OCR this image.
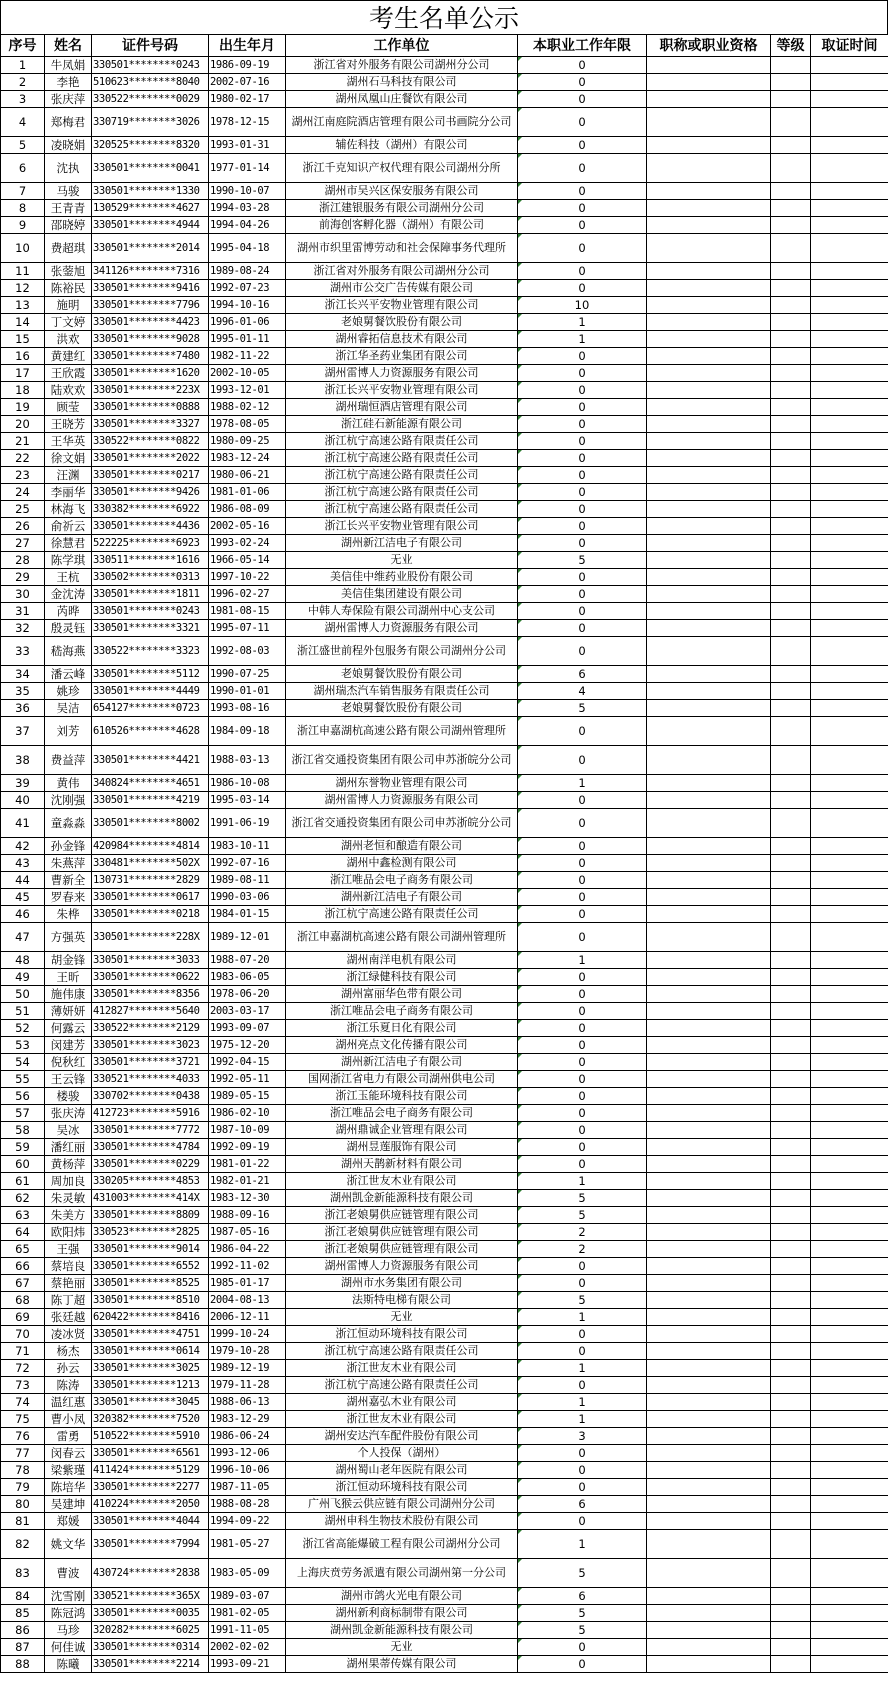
考生名单公示
序号	姓名	证件号码	出生年月	工作单位	本职业工作年限	职称或职业资格	等级	取证时间
1	牛凤娟	330501********0243	1986-09-19	浙江省对外服务有限公司湖州分公司	0			
2	李艳	510623********8040	2002-07-16	湖州石马科技有限公司	0			
3	张庆萍	330522********0029	1980-02-17	湖州凤凰山庄餐饮有限公司	0			
4	郑梅君	330719********3026	1978-12-15	湖州江南庭院酒店管理有限公司书画院分公司	0			
5	凌晓娟	320525********8320	1993-01-31	辅佐科技（湖州）有限公司	0			
6	沈执	330501********0041	1977-01-14	浙江千克知识产权代理有限公司湖州分所	0			
7	马骏	330501********1330	1990-10-07	湖州市吴兴区保安服务有限公司	0			
8	王青青	130529********4627	1994-03-28	浙江建银服务有限公司湖州分公司	0			
9	邵晓婷	330501********4944	1994-04-26	前海创客孵化器（湖州）有限公司	0			
10	费超琪	330501********2014	1995-04-18	湖州市织里雷博劳动和社会保障事务代理所	0			
11	张蓥旭	341126********7316	1989-08-24	浙江省对外服务有限公司湖州分公司	0			
12	陈裕民	330501********9416	1992-07-23	湖州市公交广告传媒有限公司	0			
13	施明	330501********7796	1994-10-16	浙江长兴平安物业管理有限公司	10			
14	丁文婷	330501********4423	1996-01-06	老娘舅餐饮股份有限公司	1			
15	洪欢	330501********9028	1995-01-11	湖州睿拓信息技术有限公司	1			
16	黄建红	330501********7480	1982-11-22	浙江华圣药业集团有限公司	0			
17	王欣霞	330501********1620	2002-10-05	湖州雷博人力资源服务有限公司	0			
18	陆欢欢	330501********223X	1993-12-01	浙江长兴平安物业管理有限公司	0			
19	顾莹	330501********0888	1988-02-12	湖州瑞恒酒店管理有限公司	0			
20	王晓芳	330501********3327	1978-08-05	浙江硅石新能源有限公司	0			
21	王华英	330522********0822	1980-09-25	浙江杭宁高速公路有限责任公司	0			
22	徐文娟	330501********2022	1983-12-24	浙江杭宁高速公路有限责任公司	0			
23	汪渊	330501********0217	1980-06-21	浙江杭宁高速公路有限责任公司	0			
24	李丽华	330501********9426	1981-01-06	浙江杭宁高速公路有限责任公司	0			
25	林海飞	330382********6922	1986-08-09	浙江杭宁高速公路有限责任公司	0			
26	俞祈云	330501********4436	2002-05-16	浙江长兴平安物业管理有限公司	0			
27	徐慧君	522225********6923	1993-02-24	湖州新江洁电子有限公司	0			
28	陈学琪	330511********1616	1966-05-14	无业	5			
29	王杭	330502********0313	1997-10-22	美信佳中维药业股份有限公司	0			
30	金沈涛	330501********1811	1996-02-27	美信佳集团建设有限公司	0			
31	芮晔	330501********0243	1981-08-15	中韩人寿保险有限公司湖州中心支公司	0			
32	殷灵钰	330501********3321	1995-07-11	湖州雷博人力资源服务有限公司	0			
33	嵇海燕	330522********3323	1992-08-03	浙江盛世前程外包服务有限公司湖州分公司	0			
34	潘云峰	330501********5112	1990-07-25	老娘舅餐饮股份有限公司	6			
35	姚珍	330501********4449	1990-01-01	湖州瑞杰汽车销售服务有限责任公司	4			
36	吴洁	654127********0723	1993-08-16	老娘舅餐饮股份有限公司	5			
37	刘芳	610526********4628	1984-09-18	浙江申嘉湖杭高速公路有限公司湖州管理所	0			
38	费益萍	330501********4421	1988-03-13	浙江省交通投资集团有限公司申苏浙皖分公司	0			
39	黄伟	340824********4651	1986-10-08	湖州东誉物业管理有限公司	1			
40	沈刚强	330501********4219	1995-03-14	湖州雷博人力资源服务有限公司	0			
41	童淼淼	330501********8002	1991-06-19	浙江省交通投资集团有限公司申苏浙皖分公司	0			
42	孙金锋	420984********4814	1983-10-11	湖州老恒和酿造有限公司	0			
43	朱燕萍	330481********502X	1992-07-16	湖州中鑫检测有限公司	0			
44	曹新全	130731********2829	1989-08-11	浙江唯品会电子商务有限公司	0			
45	罗春来	330501********0617	1990-03-06	湖州新江洁电子有限公司	0			
46	朱桦	330501********0218	1984-01-15	浙江杭宁高速公路有限责任公司	0			
47	方强英	330501********228X	1989-12-01	浙江申嘉湖杭高速公路有限公司湖州管理所	0			
48	胡金锋	330501********3033	1988-07-20	湖州南洋电机有限公司	1			
49	王昕	330501********0622	1983-06-05	浙江绿健科技有限公司	0			
50	施伟康	330501********8356	1978-06-20	湖州富丽华色带有限公司	0			
51	薄妍妍	412827********5640	2003-03-17	浙江唯品会电子商务有限公司	0			
52	何露云	330522********2129	1993-09-07	浙江乐夏日化有限公司	0			
53	闵建芳	330501********3023	1975-12-20	湖州亮点文化传播有限公司	0			
54	倪秋红	330501********3721	1992-04-15	湖州新江洁电子有限公司	0			
55	王云锋	330521********4033	1992-05-11	国网浙江省电力有限公司湖州供电公司	0			
56	楼骏	330702********0438	1989-05-15	浙江玉能环境科技有限公司	0			
57	张庆涛	412723********5916	1986-02-10	浙江唯品会电子商务有限公司	0			
58	吴冰	330501********7772	1987-10-09	湖州鼎诚企业管理有限公司	0			
59	潘红丽	330501********4784	1992-09-19	湖州昱莲服饰有限公司	0			
60	黄杨萍	330501********0229	1981-01-22	湖州天鹊新材料有限公司	0			
61	周加良	330205********4853	1982-01-21	浙江世友木业有限公司	1			
62	朱灵敏	431003********414X	1983-12-30	湖州凯金新能源科技有限公司	5			
63	朱美方	330501********8809	1988-09-16	浙江老娘舅供应链管理有限公司	5			
64	欧阳炜	330523********2825	1987-05-16	浙江老娘舅供应链管理有限公司	2			
65	王强	330501********9014	1986-04-22	浙江老娘舅供应链管理有限公司	2			
66	蔡培良	330501********6552	1992-11-02	湖州雷博人力资源服务有限公司	0			
67	蔡艳丽	330501********8525	1985-01-17	湖州市水务集团有限公司	0			
68	陈丁超	330501********8510	2004-08-13	法斯特电梯有限公司	5			
69	张廷越	620422********8416	2006-12-11	无业	1			
70	凌冰贤	330501********4751	1999-10-24	浙江恒动环境科技有限公司	0			
71	杨杰	330501********0614	1979-10-28	浙江杭宁高速公路有限责任公司	0			
72	孙云	330501********3025	1989-12-19	浙江世友木业有限公司	1			
73	陈涛	330501********1213	1979-11-28	浙江杭宁高速公路有限责任公司	0			
74	温红惠	330501********3045	1988-06-13	湖州嘉弘木业有限公司	1			
75	曹小凤	320382********7520	1983-12-29	浙江世友木业有限公司	1			
76	雷勇	510522********5910	1986-06-24	湖州安达汽车配件股份有限公司	3			
77	闵春云	330501********6561	1993-12-06	个人投保（湖州）	0			
78	梁紫瑾	411424********5129	1996-10-06	湖州蜀山老年医院有限公司	0			
79	陈培华	330501********2277	1987-11-05	浙江恒动环境科技有限公司	0			
80	吴建坤	410224********2050	1988-08-28	广州飞猴云供应链有限公司湖州分公司	6			
81	郑媛	330501********4044	1994-09-22	湖州申科生物技术股份有限公司	0			
82	姚文华	330501********7994	1981-05-27	浙江省高能爆破工程有限公司湖州分公司	1			
83	曹波	430724********2838	1983-05-09	上海庆贲劳务派遣有限公司湖州第一分公司	5			
84	沈雪刚	330521********365X	1989-03-07	湖州市鸽火光电有限公司	6			
85	陈冠鸿	330501********0035	1981-02-05	湖州新利商标制带有限公司	5			
86	马珍	320282********6025	1991-11-05	湖州凯金新能源科技有限公司	5			
87	何佳诚	330501********0314	2002-02-02	无业	0			
88	陈曦	330501********2214	1993-09-21	湖州果蒂传媒有限公司	0			
